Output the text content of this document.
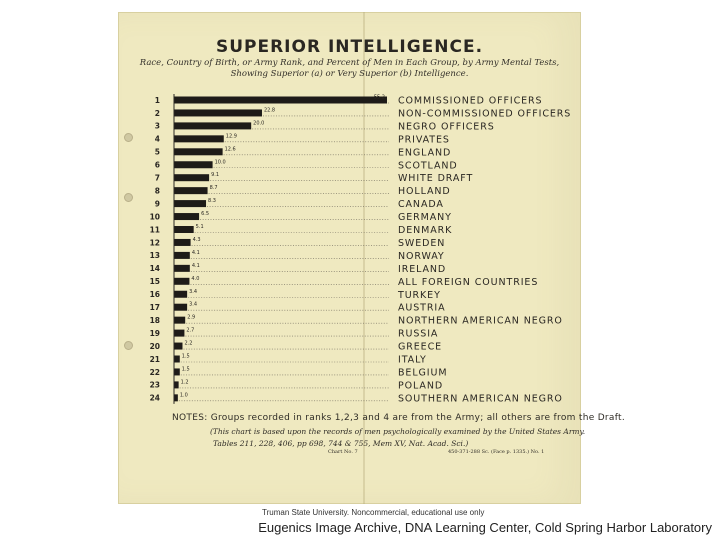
SUPERIOR INTELLIGENCE.
Race, Country of Birth, or Army Rank, and Percent of Men in Each Group, by Army Mental Tests,
Showing Superior (a) or Very Superior (b) Intelligence.
1
2
3
4
5
6
7
8
9
10
11
12
13
14
15
16
17
18
19
20
21
22
23
24
55.2
22.8
20.0
12.9
12.6
10.0
9.1
8.7
8.3
6.5
5.1
4.3
4.1
4.1
4.0
3.4
3.4
2.9
2.7
2.2
1.5
1.5
1.2
1.0
COMMISSIONED OFFICERS
NON-COMMISSIONED OFFICERS
NEGRO OFFICERS
PRIVATES
ENGLAND
SCOTLAND
WHITE DRAFT
HOLLAND
CANADA
GERMANY
DENMARK
SWEDEN
NORWAY
IRELAND
ALL FOREIGN COUNTRIES
TURKEY
AUSTRIA
NORTHERN AMERICAN NEGRO
RUSSIA
GREECE
ITALY
BELGIUM
POLAND
SOUTHERN AMERICAN NEGRO
NOTES: Groups recorded in ranks 1,2,3 and 4 are from the Army; all others are from the Draft.
(This chart is based upon the records of men psychologically examined by the United States Army.
Tables 211, 228, 406, pp 698, 744 & 755, Mem XV, Nat. Acad. Sci.)
Chart No. 7	450-371-288 Sc. (Face p. 1335.) No. 1
Truman State University. Noncommercial, educational use only
Eugenics Image Archive, DNA Learning Center, Cold Spring Harbor Laboratory
